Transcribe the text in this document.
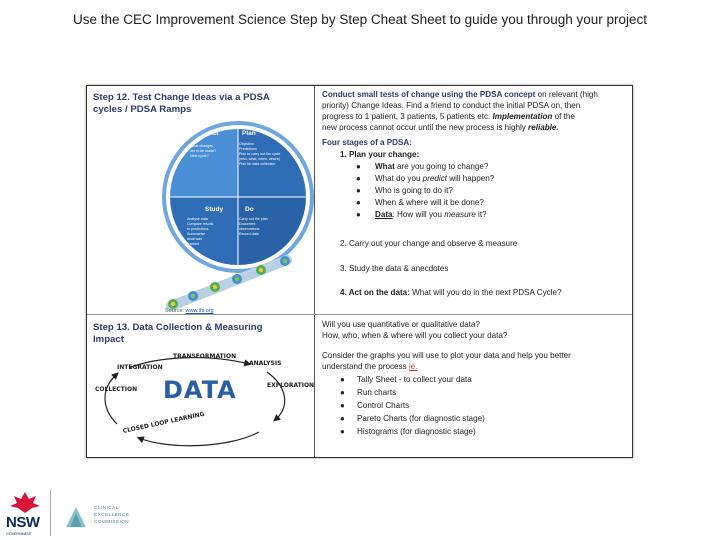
Use the CEC Improvement Science Step by Step Cheat Sheet to guide you through your project
Step 12. Test Change Ideas via a PDSA
cycles / PDSA Ramps
Act	Plan
Study	Do
What changes
are to be made?
Next cycle?
Objective
Predictions
Plan to carry out the cycle
(who, what, when, where)
Plan for data collection
Analyse data
Compare results
to predictions
Summarise
what was
learned
Carry out the plan
Document
observations
Record data
Source: www.ihi.org
Step 13. Data Collection & Measuring
Impact
TRANSFORMATION
INTEGRATION
ANALYSIS
COLLECTION
EXPLORATION
DATA
CLOSED LOOP LEARNING
Conduct small tests of change using the PDSA concept on relevant (high
priority) Change Ideas. Find a friend to conduct the initial PDSA on, then
progress to 1 patient, 3 patients, 5 patients etc. Implementation of the
new process cannot occur until the new process is highly reliable.
Four stages of a PDSA:
1. Plan your change:
● What are you going to change?
● What do you predict will happen?
● Who is going to do it?
● When & where will it be done?
● Data: How will you measure it?
2. Carry out your change and observe & measure
3. Study the data & anecdotes
4. Act on the data: What will you do in the next PDSA Cycle?
Will you use quantitative or qualitative data?
How, who, when & where will you collect your data?
Consider the graphs you will use to plot your data and help you better
understand the process ie.
● Tally Sheet - to collect your data
● Run charts
● Control Charts
● Pareto Charts (for diagnostic stage)
● Histograms (for diagnostic stage)
NSW
GOVERNMENT
CLINICAL
EXCELLENCE
COMMISSION
